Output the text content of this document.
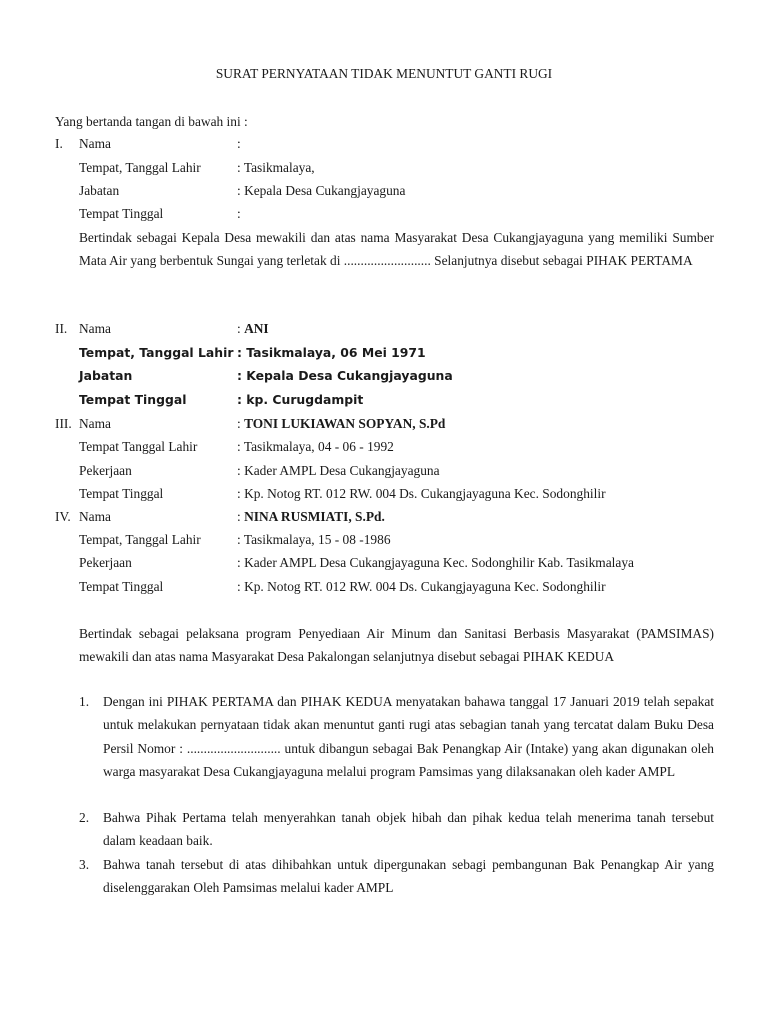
SURAT PERNYATAAN TIDAK MENUNTUT GANTI RUGI

Yang bertanda tangan di bawah ini :

I. Nama	:
Tempat, Tanggal Lahir	: Tasikmalaya,
Jabatan	: Kepala Desa Cukangjayaguna
Tempat Tinggal	:

Bertindak sebagai Kepala Desa mewakili dan atas nama Masyarakat Desa Cukangjayaguna yang memiliki Sumber Mata Air yang berbentuk Sungai yang terletak di .......................... Selanjutnya disebut sebagai PIHAK PERTAMA

II. Nama	: ANI
Tempat, Tanggal Lahir : Tasikmalaya, 06 Mei 1971
Jabatan	: Kepala Desa Cukangjayaguna
Tempat Tinggal	: kp. Curugdampit
III. Nama	: TONI LUKIAWAN SOPYAN, S.Pd
Tempat Tanggal Lahir	: Tasikmalaya, 04 - 06 - 1992
Pekerjaan	: Kader AMPL Desa Cukangjayaguna
Tempat Tinggal	: Kp. Notog RT. 012 RW. 004 Ds. Cukangjayaguna Kec. Sodonghilir
IV. Nama	: NINA RUSMIATI, S.Pd.
Tempat, Tanggal Lahir	: Tasikmalaya, 15 - 08 -1986
Pekerjaan	: Kader AMPL Desa Cukangjayaguna Kec. Sodonghilir Kab. Tasikmalaya
Tempat Tinggal	: Kp. Notog RT. 012 RW. 004 Ds. Cukangjayaguna Kec. Sodonghilir

Bertindak sebagai pelaksana program Penyediaan Air Minum dan Sanitasi Berbasis Masyarakat (PAMSIMAS) mewakili dan atas nama Masyarakat Desa Pakalongan selanjutnya disebut sebagai PIHAK KEDUA

1. Dengan ini PIHAK PERTAMA dan PIHAK KEDUA menyatakan bahawa tanggal 17 Januari 2019 telah sepakat untuk melakukan pernyataan tidak akan menuntut ganti rugi atas sebagian tanah yang tercatat dalam Buku Desa Persil Nomor : ............................ untuk dibangun sebagai Bak Penangkap Air (Intake) yang akan digunakan oleh warga masyarakat Desa Cukangjayaguna melalui program Pamsimas yang dilaksanakan oleh kader AMPL

2. Bahwa Pihak Pertama telah menyerahkan tanah objek hibah dan pihak kedua telah menerima tanah tersebut dalam keadaan baik.

3. Bahwa tanah tersebut di atas dihibahkan untuk dipergunakan sebagi pembangunan Bak Penangkap Air yang diselenggarakan Oleh Pamsimas melalui kader AMPL
